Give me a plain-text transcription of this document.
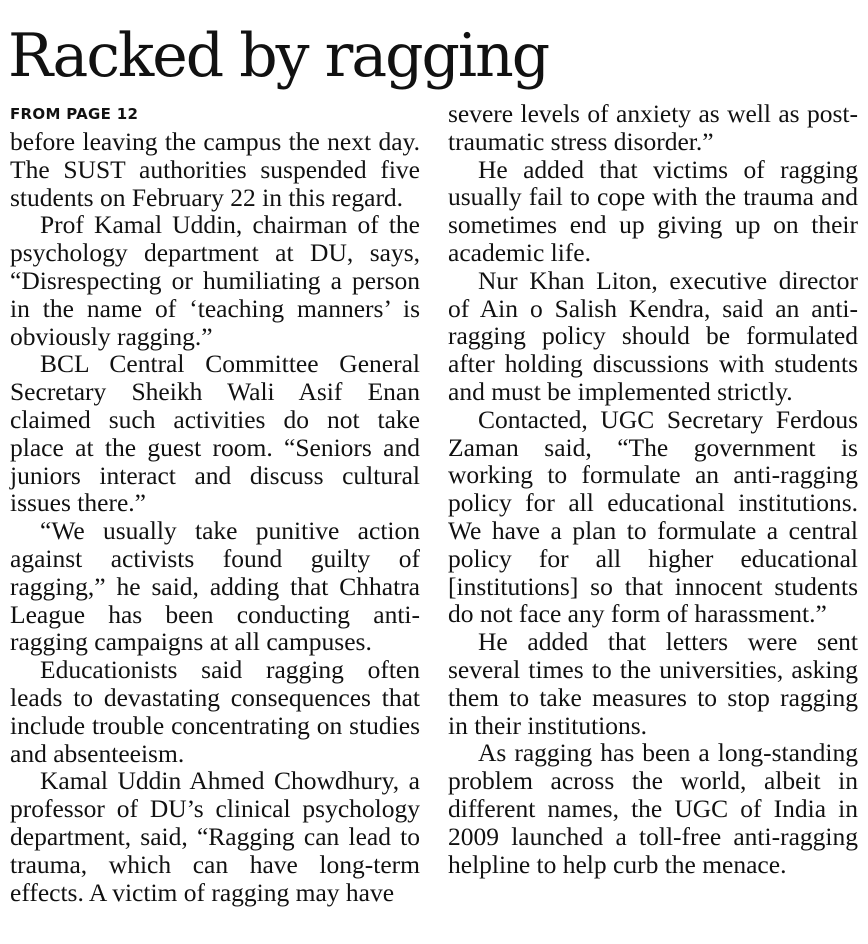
Racked by ragging
FROM PAGE 12

before leaving the campus the next day. The SUST authorities suspended five students on February 22 in this regard.

Prof Kamal Uddin, chairman of the psychology department at DU, says, “Disrespecting or humiliating a person in the name of ‘teaching manners’ is obviously ragging.”

BCL Central Committee General Secretary Sheikh Wali Asif Enan claimed such activities do not take place at the guest room. “Seniors and juniors interact and discuss cultural issues there.”

“We usually take punitive action against activists found guilty of ragging,” he said, adding that Chhatra League has been conducting anti-ragging campaigns at all campuses.

Educationists said ragging often leads to devastating consequences that include trouble concentrating on studies and absenteeism.

Kamal Uddin Ahmed Chowdhury, a professor of DU’s clinical psychology department, said, “Ragging can lead to trauma, which can have long-term effects. A victim of ragging may have

severe levels of anxiety as well as post-traumatic stress disorder.”

He added that victims of ragging usually fail to cope with the trauma and sometimes end up giving up on their academic life.

Nur Khan Liton, executive director of Ain o Salish Kendra, said an anti-ragging policy should be formulated after holding discussions with students and must be implemented strictly.

Contacted, UGC Secretary Ferdous Zaman said, “The government is working to formulate an anti-ragging policy for all educational institutions. We have a plan to formulate a central policy for all higher educational [institutions] so that innocent students do not face any form of harassment.”

He added that letters were sent several times to the universities, asking them to take measures to stop ragging in their institutions.

As ragging has been a long-standing problem across the world, albeit in different names, the UGC of India in 2009 launched a toll-free anti-ragging helpline to help curb the menace.
